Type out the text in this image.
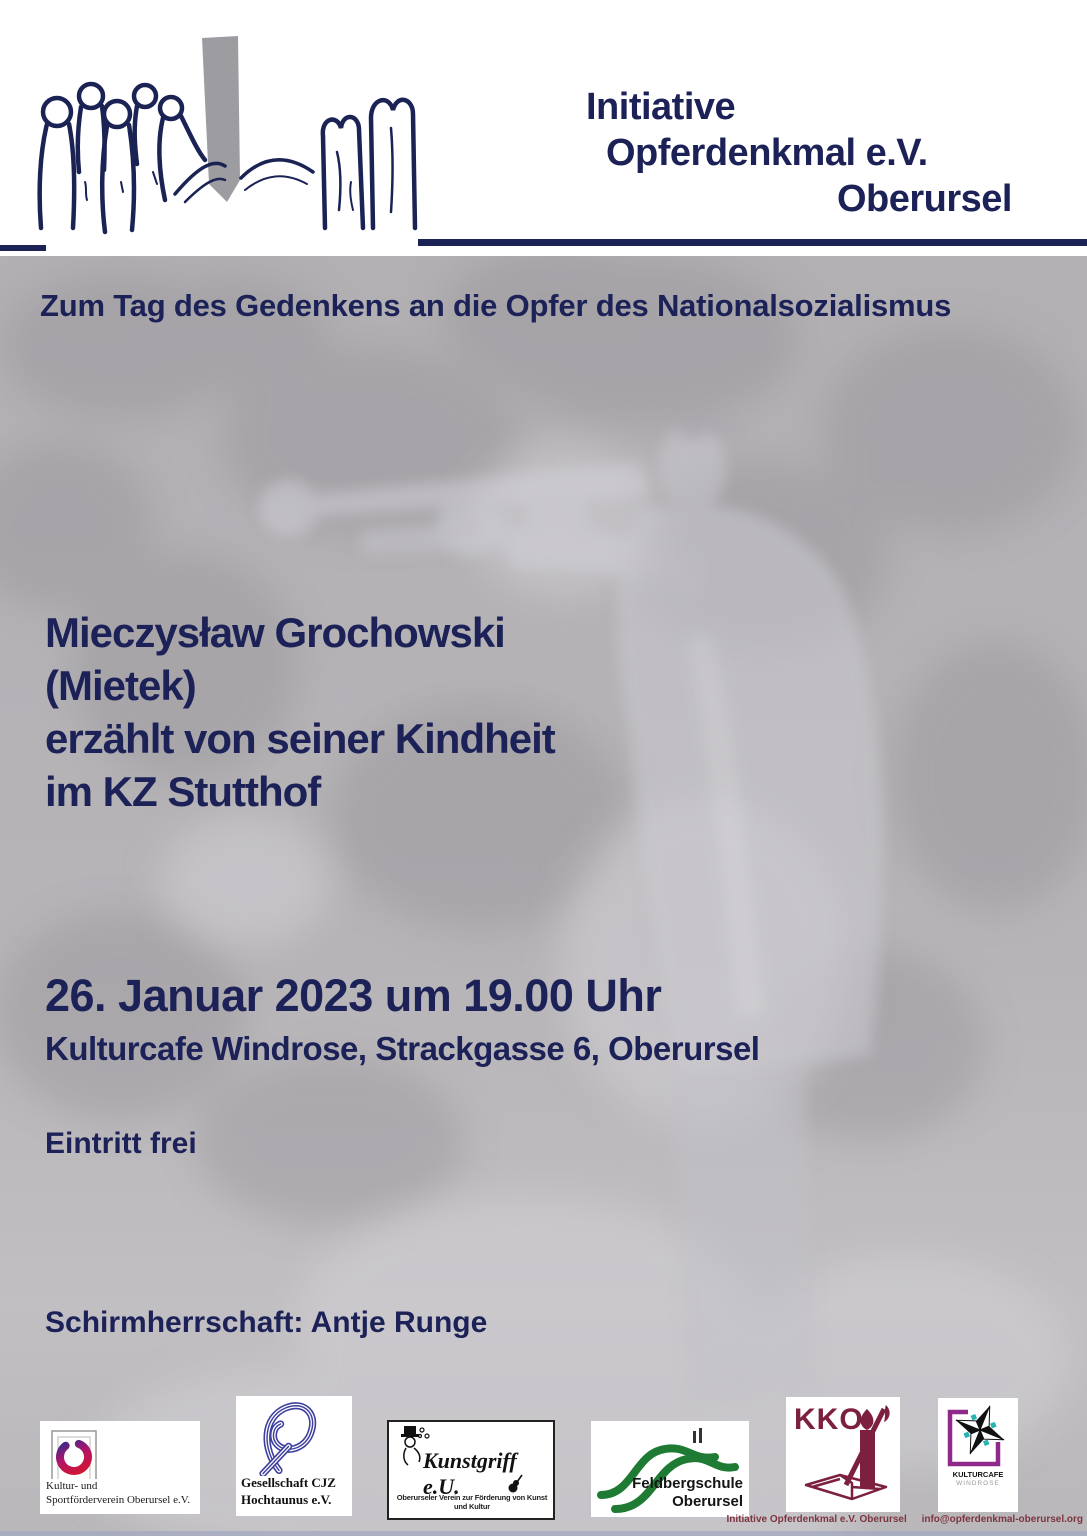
Initiative
Opferdenkmal e.V.
Oberursel
Zum Tag des Gedenkens an die Opfer des Nationalsozialismus
Mieczysław Grochowski
(Mietek)
erzählt von seiner Kindheit
im KZ Stutthof
26. Januar 2023 um 19.00 Uhr
Kulturcafe Windrose, Strackgasse 6, Oberursel
Eintritt frei
Schirmherrschaft: Antje Runge
Kultur- und
Sportförderverein Oberursel e.V.
Gesellschaft CJZ
Hochtaunus e.V.
Kunstgriff e.U.
Oberurseler Verein zur Förderung von Kunst und Kultur
Feldbergschule
Oberursel
KKO
KULTURCAFE
WINDROSE
Initiative Opferdenkmal e.V. Oberursel info@opferdenkmal-oberursel.org
